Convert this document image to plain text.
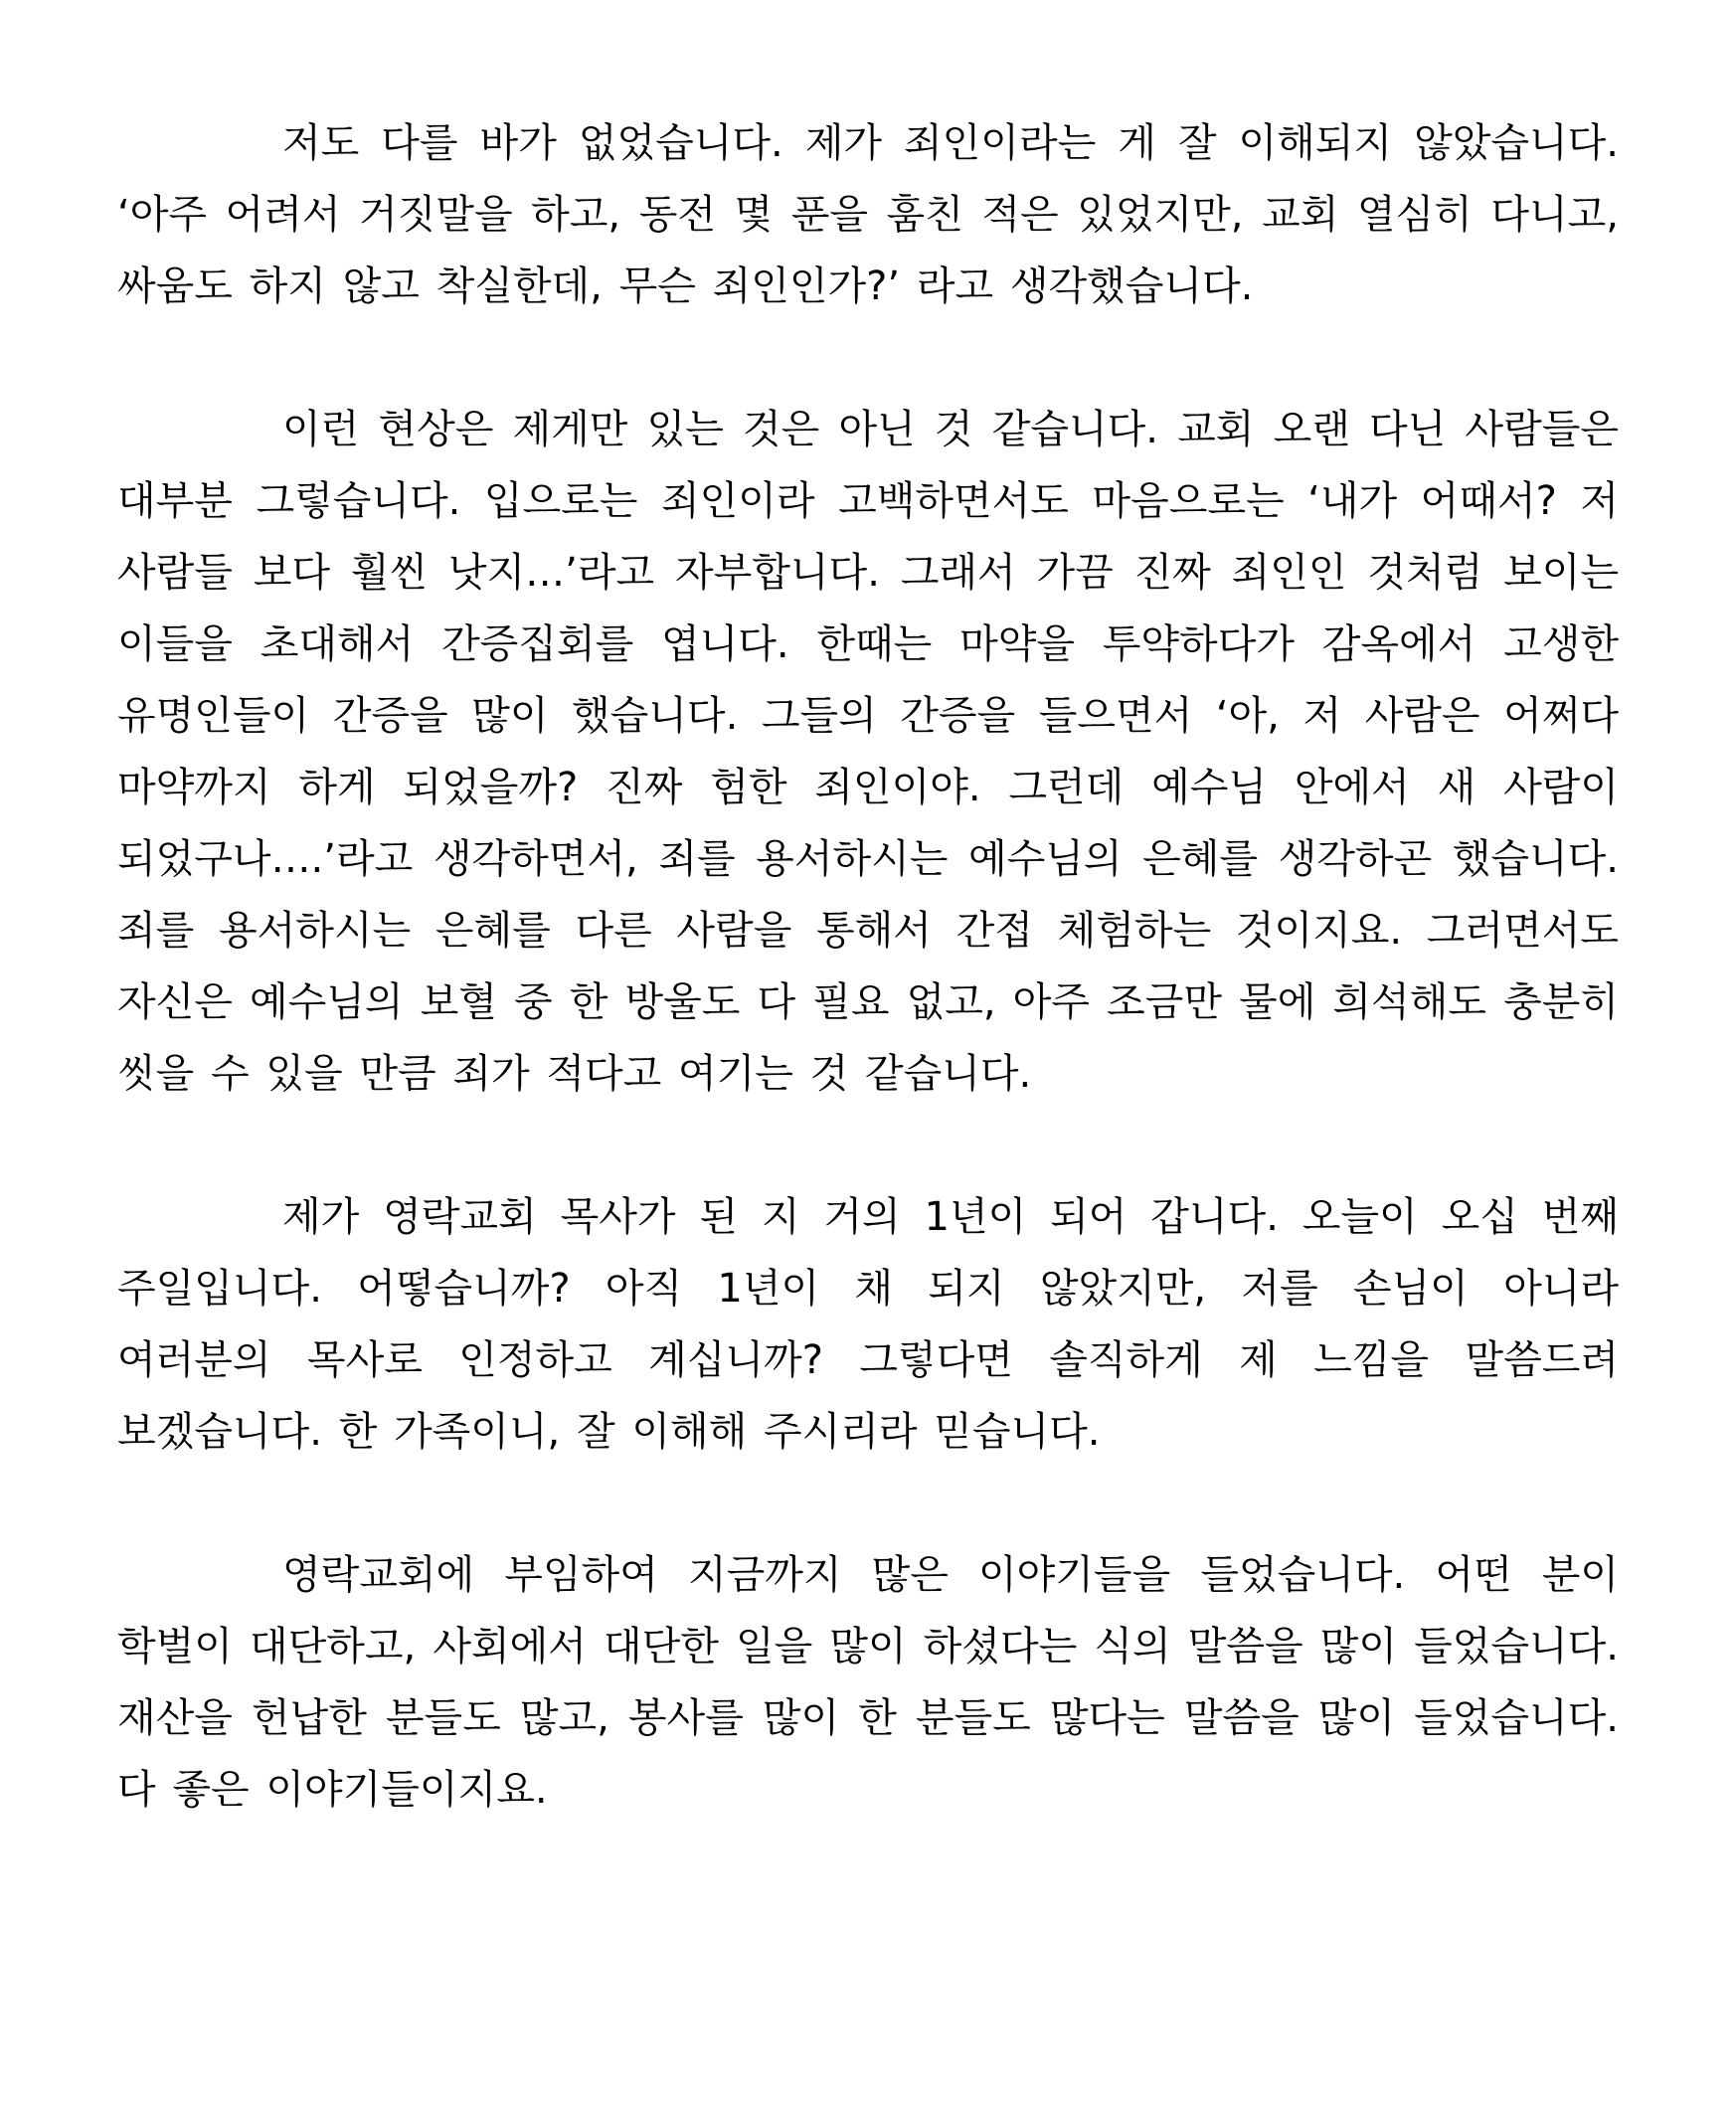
저도 다를 바가 없었습니다. 제가 죄인이라는 게 잘 이해되지 않았습니다. ‘아주 어려서 거짓말을 하고, 동전 몇 푼을 훔친 적은 있었지만, 교회 열심히 다니고, 싸움도 하지 않고 착실한데, 무슨 죄인인가?’ 라고 생각했습니다.

이런 현상은 제게만 있는 것은 아닌 것 같습니다. 교회 오랜 다닌 사람들은 대부분 그렇습니다. 입으로는 죄인이라 고백하면서도 마음으로는 ‘내가 어때서? 저 사람들 보다 훨씬 낫지…’라고 자부합니다. 그래서 가끔 진짜 죄인인 것처럼 보이는 이들을 초대해서 간증집회를 엽니다. 한때는 마약을 투약하다가 감옥에서 고생한 유명인들이 간증을 많이 했습니다. 그들의 간증을 들으면서 ‘아, 저 사람은 어쩌다 마약까지 하게 되었을까? 진짜 험한 죄인이야. 그런데 예수님 안에서 새 사람이 되었구나….’라고 생각하면서, 죄를 용서하시는 예수님의 은혜를 생각하곤 했습니다. 죄를 용서하시는 은혜를 다른 사람을 통해서 간접 체험하는 것이지요. 그러면서도 자신은 예수님의 보혈 중 한 방울도 다 필요 없고, 아주 조금만 물에 희석해도 충분히 씻을 수 있을 만큼 죄가 적다고 여기는 것 같습니다.

제가 영락교회 목사가 된 지 거의 1년이 되어 갑니다. 오늘이 오십 번째 주일입니다. 어떻습니까? 아직 1년이 채 되지 않았지만, 저를 손님이 아니라 여러분의 목사로 인정하고 계십니까? 그렇다면 솔직하게 제 느낌을 말씀드려 보겠습니다. 한 가족이니, 잘 이해해 주시리라 믿습니다.

영락교회에 부임하여 지금까지 많은 이야기들을 들었습니다. 어떤 분이 학벌이 대단하고, 사회에서 대단한 일을 많이 하셨다는 식의 말씀을 많이 들었습니다. 재산을 헌납한 분들도 많고, 봉사를 많이 한 분들도 많다는 말씀을 많이 들었습니다. 다 좋은 이야기들이지요.
